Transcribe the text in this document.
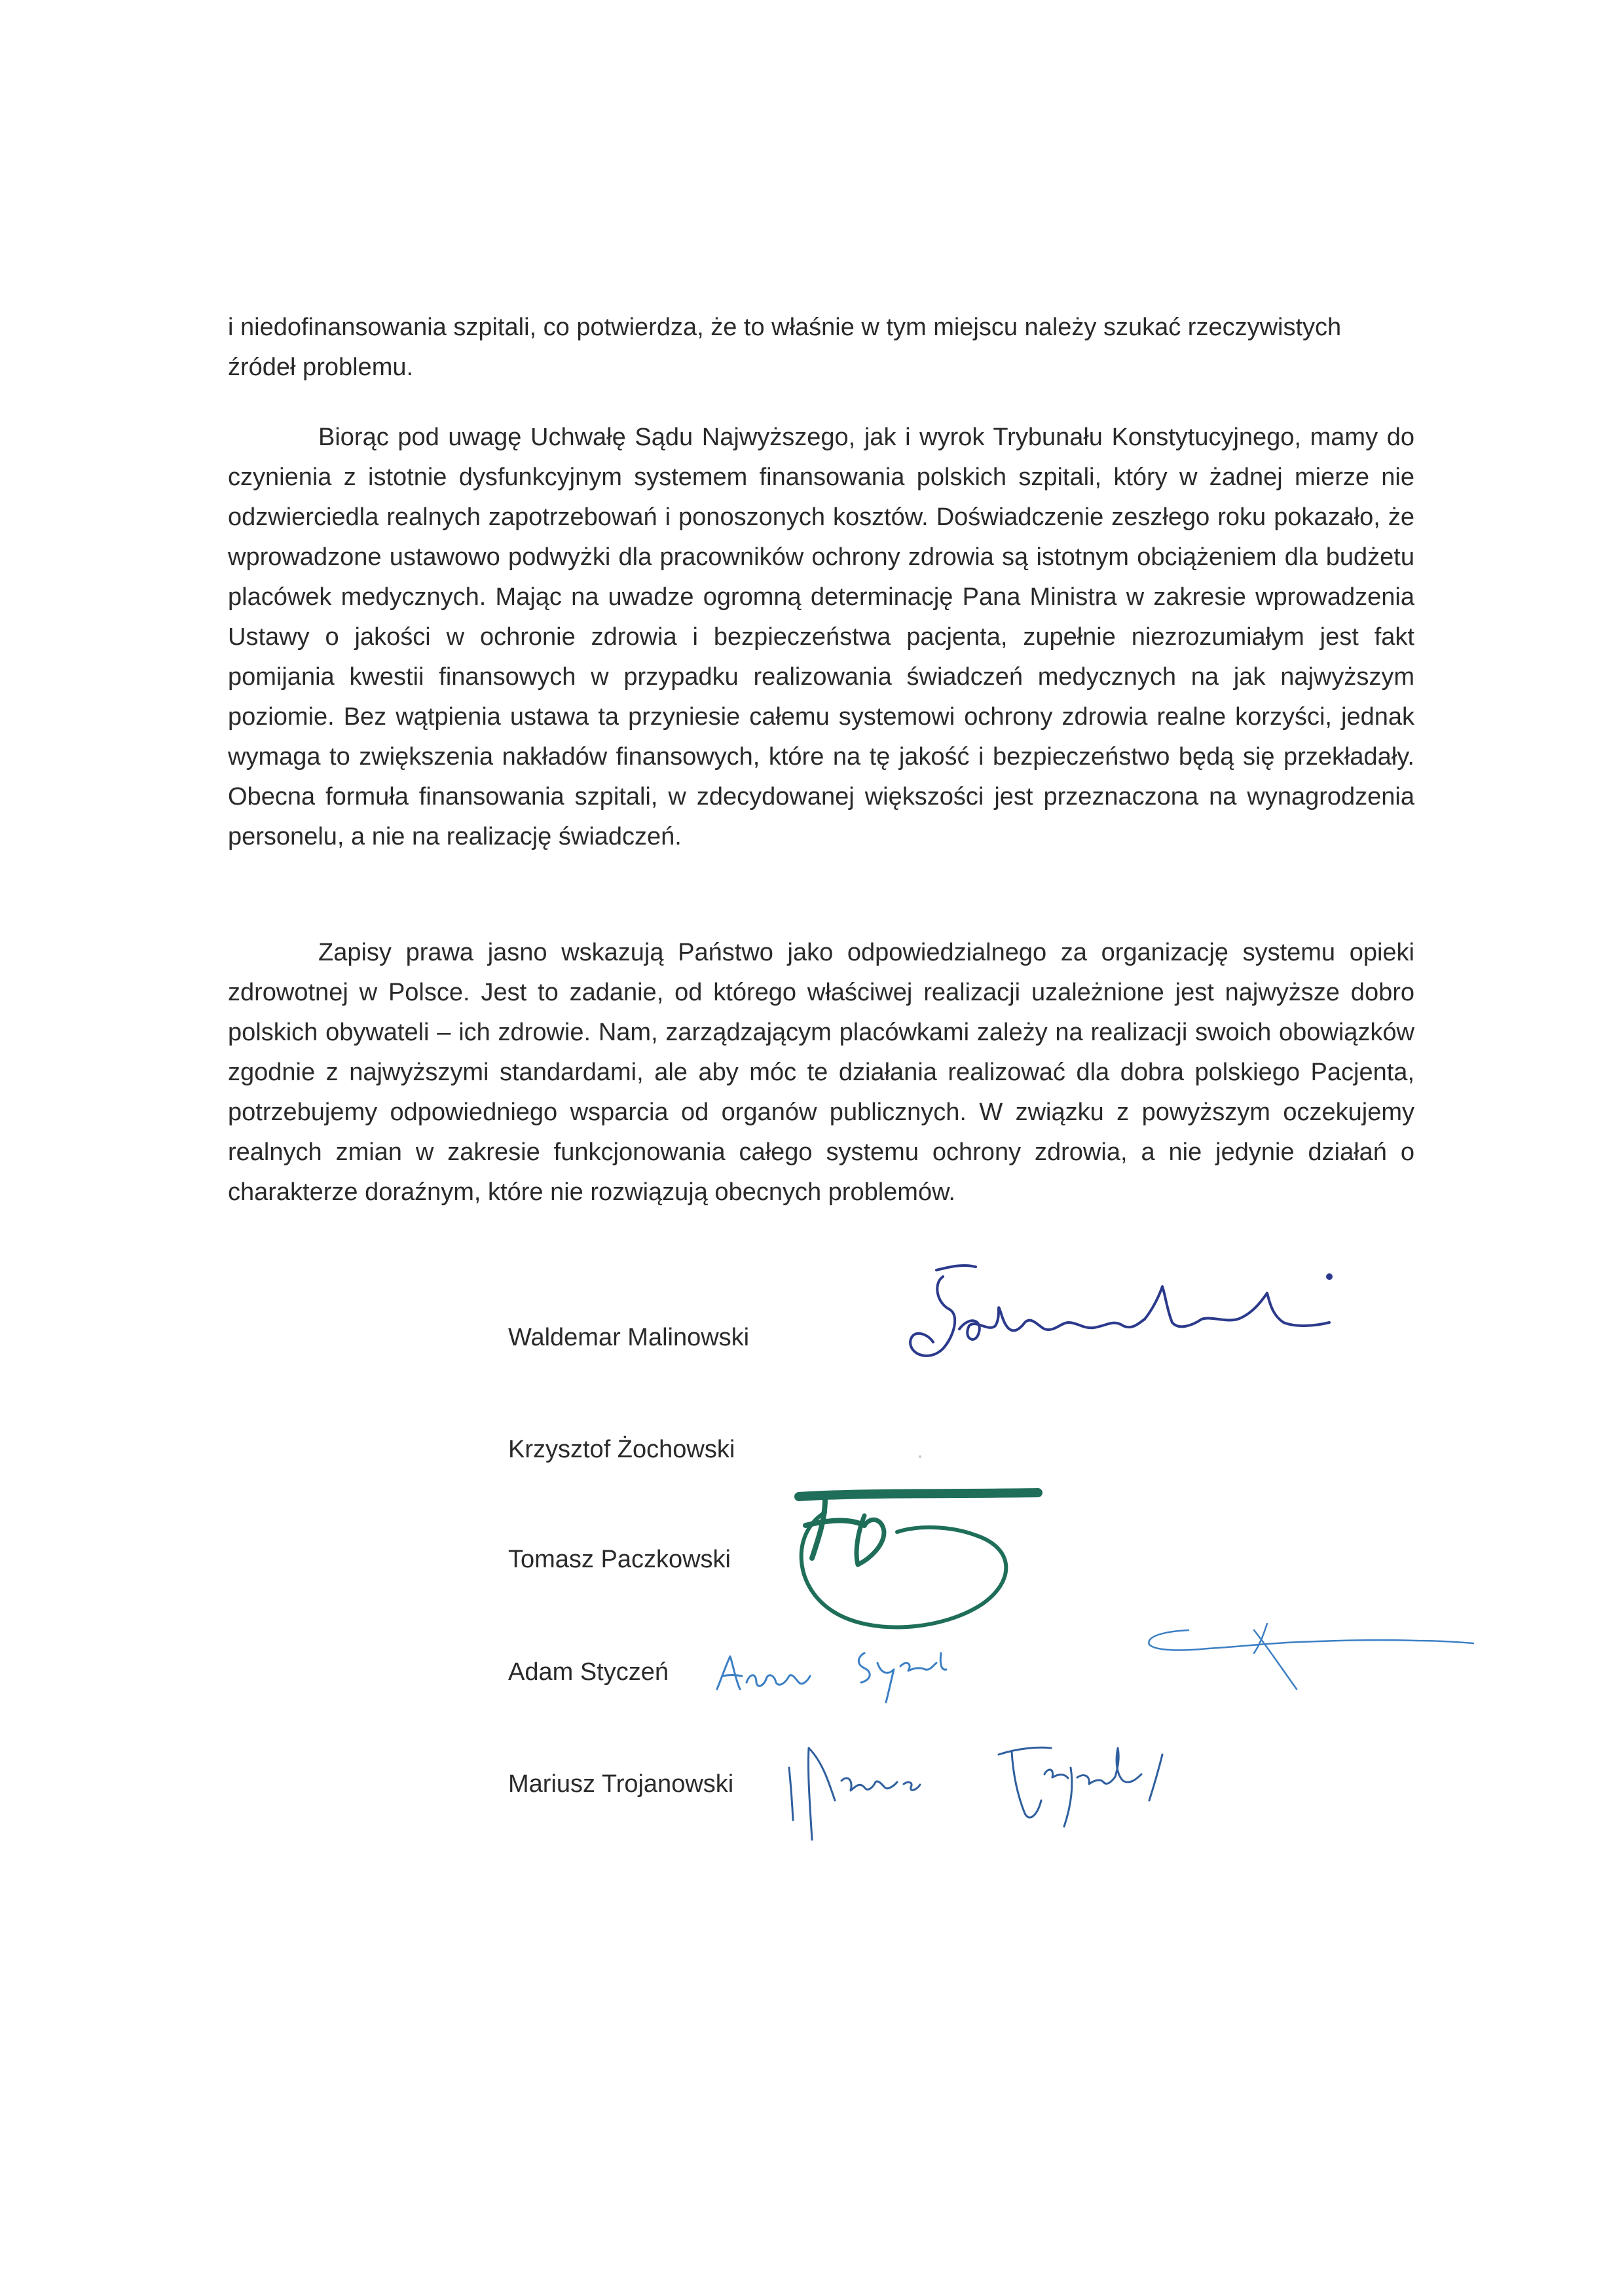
i niedofinansowania szpitali, co potwierdza, że to właśnie w tym miejscu należy szukać rzeczywistych źródeł problemu.

Biorąc pod uwagę Uchwałę Sądu Najwyższego, jak i wyrok Trybunału Konstytucyjnego, mamy do czynienia z istotnie dysfunkcyjnym systemem finansowania polskich szpitali, który w żadnej mierze nie odzwierciedla realnych zapotrzebowań i ponoszonych kosztów. Doświadczenie zeszłego roku pokazało, że wprowadzone ustawowo podwyżki dla pracowników ochrony zdrowia są istotnym obciążeniem dla budżetu placówek medycznych. Mając na uwadze ogromną determinację Pana Ministra w zakresie wprowadzenia Ustawy o jakości w ochronie zdrowia i bezpieczeństwa pacjenta, zupełnie niezrozumiałym jest fakt pomijania kwestii finansowych w przypadku realizowania świadczeń medycznych na jak najwyższym poziomie. Bez wątpienia ustawa ta przyniesie całemu systemowi ochrony zdrowia realne korzyści, jednak wymaga to zwiększenia nakładów finansowych, które na tę jakość i bezpieczeństwo będą się przekładały. Obecna formuła finansowania szpitali, w zdecydowanej większości jest przeznaczona na wynagrodzenia personelu, a nie na realizację świadczeń.

Zapisy prawa jasno wskazują Państwo jako odpowiedzialnego za organizację systemu opieki zdrowotnej w Polsce. Jest to zadanie, od którego właściwej realizacji uzależnione jest najwyższe dobro polskich obywateli – ich zdrowie. Nam, zarządzającym placówkami zależy na realizacji swoich obowiązków zgodnie z najwyższymi standardami, ale aby móc te działania realizować dla dobra polskiego Pacjenta, potrzebujemy odpowiedniego wsparcia od organów publicznych. W związku z powyższym oczekujemy realnych zmian w zakresie funkcjonowania całego systemu ochrony zdrowia, a nie jedynie działań o charakterze doraźnym, które nie rozwiązują obecnych problemów.

Waldemar Malinowski
Krzysztof Żochowski
Tomasz Paczkowski
Adam Styczeń
Mariusz Trojanowski
